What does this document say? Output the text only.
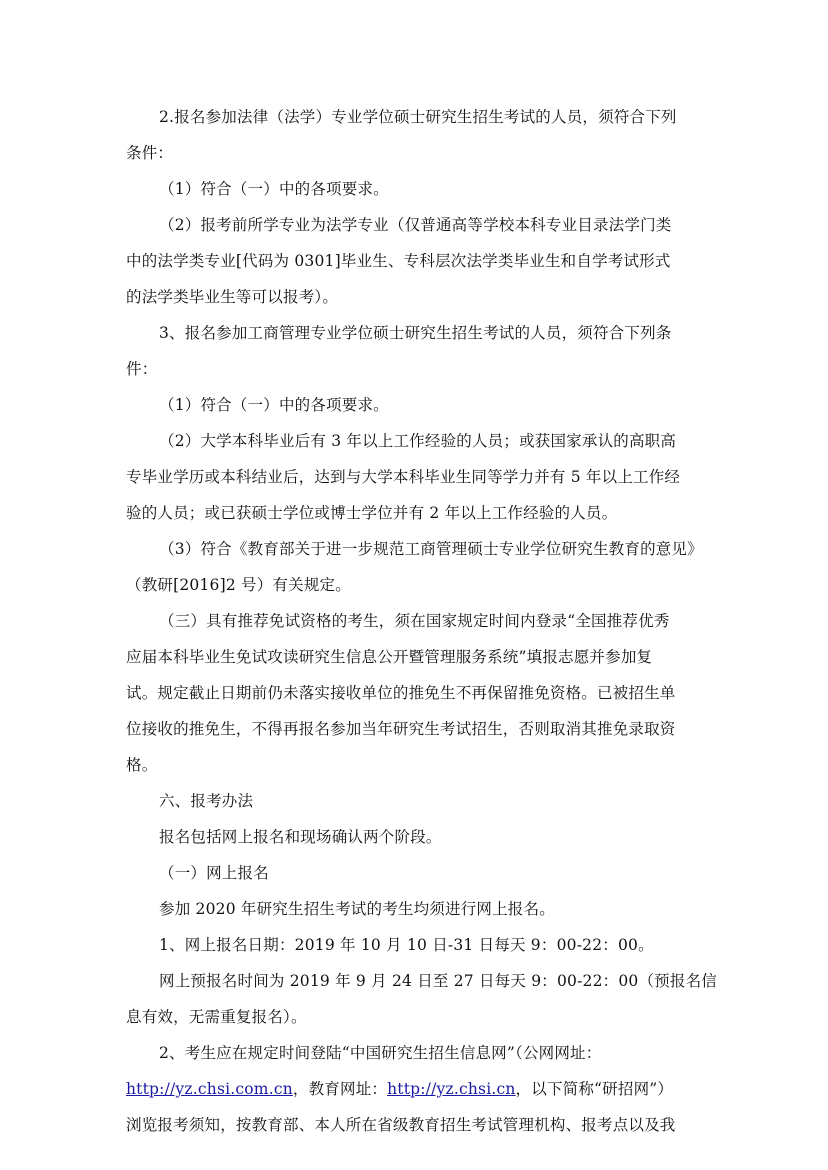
2.报名参加法律（法学）专业学位硕士研究生招生考试的人员，须符合下列
条件：
（1）符合（一）中的各项要求。
（2）报考前所学专业为法学专业（仅普通高等学校本科专业目录法学门类
中的法学类专业[代码为 0301]毕业生、专科层次法学类毕业生和自学考试形式
的法学类毕业生等可以报考）。
3、报名参加工商管理专业学位硕士研究生招生考试的人员，须符合下列条
件：
（1）符合（一）中的各项要求。
（2）大学本科毕业后有 3 年以上工作经验的人员；或获国家承认的高职高
专毕业学历或本科结业后，达到与大学本科毕业生同等学力并有 5 年以上工作经
验的人员；或已获硕士学位或博士学位并有 2 年以上工作经验的人员。
（3）符合《教育部关于进一步规范工商管理硕士专业学位研究生教育的意见》
（教研[2016]2 号）有关规定。
（三）具有推荐免试资格的考生，须在国家规定时间内登录“全国推荐优秀
应届本科毕业生免试攻读研究生信息公开暨管理服务系统”填报志愿并参加复
试。规定截止日期前仍未落实接收单位的推免生不再保留推免资格。已被招生单
位接收的推免生，不得再报名参加当年研究生考试招生，否则取消其推免录取资
格。
六、报考办法
报名包括网上报名和现场确认两个阶段。
（一）网上报名
参加 2020 年研究生招生考试的考生均须进行网上报名。
1、网上报名日期：2019 年 10 月 10 日-31 日每天 9：00-22：00。
网上预报名时间为 2019 年 9 月 24 日至 27 日每天 9：00-22：00（预报名信
息有效，无需重复报名）。
2、考生应在规定时间登陆“中国研究生招生信息网”（公网网址：
http://yz.chsi.com.cn，教育网址：http://yz.chsi.cn，以下简称“研招网”）
浏览报考须知，按教育部、本人所在省级教育招生考试管理机构、报考点以及我
